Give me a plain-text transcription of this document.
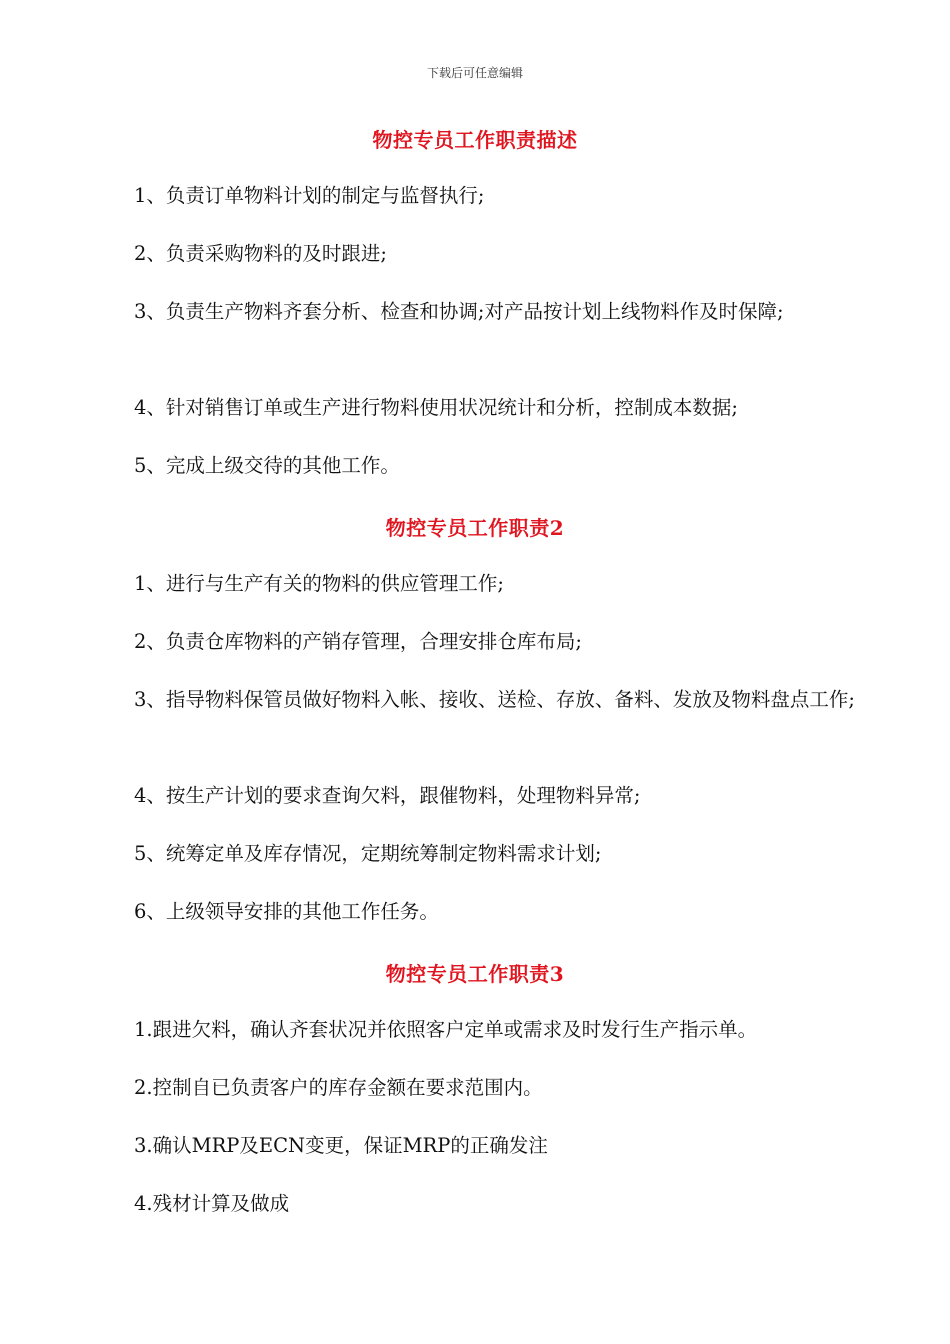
下载后可任意编辑
物控专员工作职责描述
1、负责订单物料计划的制定与监督执行;
2、负责采购物料的及时跟进;
3、负责生产物料齐套分析、检查和协调;对产品按计划上线物料作及时保障;
4、针对销售订单或生产进行物料使用状况统计和分析，控制成本数据;
5、完成上级交待的其他工作。
物控专员工作职责2
1、进行与生产有关的物料的供应管理工作;
2、负责仓库物料的产销存管理，合理安排仓库布局;
3、指导物料保管员做好物料入帐、接收、送检、存放、备料、发放及物料盘点工作;
4、按生产计划的要求查询欠料，跟催物料，处理物料异常;
5、统筹定单及库存情况，定期统筹制定物料需求计划;
6、上级领导安排的其他工作任务。
物控专员工作职责3
1.跟进欠料，确认齐套状况并依照客户定单或需求及时发行生产指示单。
2.控制自已负责客户的库存金额在要求范围内。
3.确认MRP及ECN变更，保证MRP的正确发注
4.残材计算及做成
